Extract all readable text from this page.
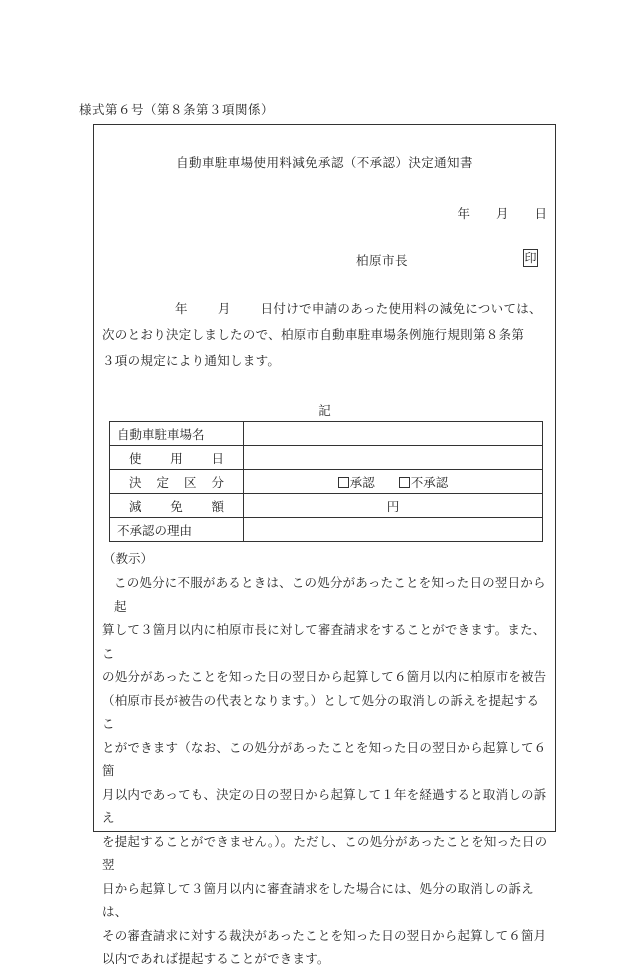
様式第６号（第８条第３項関係）
自動車駐車場使用料減免承認（不承認）決定通知書
年 月 日
柏原市長	印
年 月 日付けで申請のあった使用料の減免については、
次のとおり決定しましたので、柏原市自動車駐車場条例施行規則第８条第
３項の規定により通知します。
記
自動車駐車場名	

使 用 日	

決 定 区 分	承認 不承認

減 免 額	円
不承認の理由	
（教示）
この処分に不服があるときは、この処分があったことを知った日の翌日から起
算して３箇月以内に柏原市長に対して審査請求をすることができます。また、こ
の処分があったことを知った日の翌日から起算して６箇月以内に柏原市を被告
（柏原市長が被告の代表となります。）として処分の取消しの訴えを提起するこ
とができます（なお、この処分があったことを知った日の翌日から起算して６箇
月以内であっても、決定の日の翌日から起算して１年を経過すると取消しの訴え
を提起することができません。）。ただし、この処分があったことを知った日の翌
日から起算して３箇月以内に審査請求をした場合には、処分の取消しの訴えは、
その審査請求に対する裁決があったことを知った日の翌日から起算して６箇月
以内であれば提起することができます。
